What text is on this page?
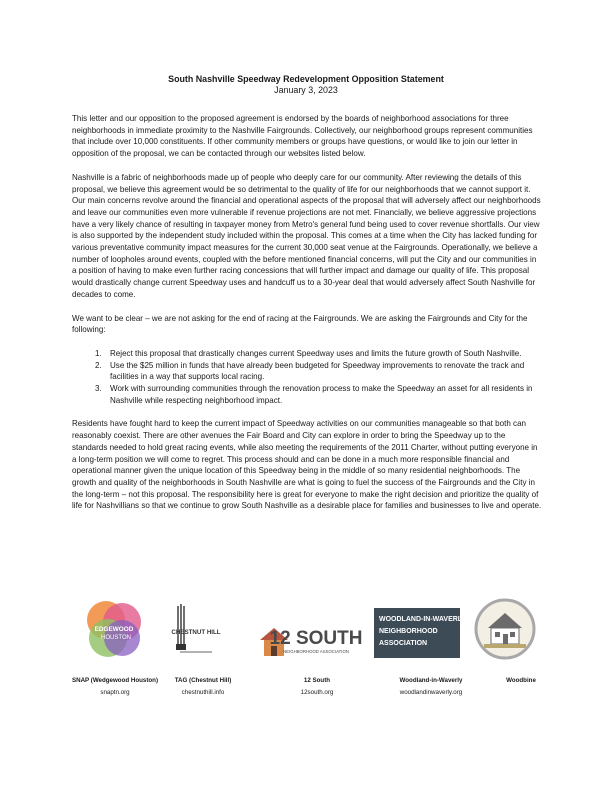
South Nashville Speedway Redevelopment Opposition Statement
January 3, 2023

This letter and our opposition to the proposed agreement is endorsed by the boards of neighborhood associations for three neighborhoods in immediate proximity to the Nashville Fairgrounds. Collectively, our neighborhood groups represent communities that include over 10,000 constituents. If other community members or groups have questions, or would like to join our letter in opposition of the proposal, we can be contacted through our websites listed below.

Nashville is a fabric of neighborhoods made up of people who deeply care for our community. After reviewing the details of this proposal, we believe this agreement would be so detrimental to the quality of life for our neighborhoods that we cannot support it. Our main concerns revolve around the financial and operational aspects of the proposal that will adversely affect our neighborhoods and leave our communities even more vulnerable if revenue projections are not met. Financially, we believe aggressive projections have a very likely chance of resulting in taxpayer money from Metro's general fund being used to cover revenue shortfalls. Our view is also supported by the independent study included within the proposal. This comes at a time when the City has lacked funding for various preventative community impact measures for the current 30,000 seat venue at the Fairgrounds. Operationally, we believe a number of loopholes around events, coupled with the before mentioned financial concerns, will put the City and our communities in a position of having to make even further racing concessions that will further impact and damage our quality of life. This proposal would drastically change current Speedway uses and handcuff us to a 30-year deal that would adversely affect South Nashville for decades to come.

We want to be clear – we are not asking for the end of racing at the Fairgrounds. We are asking the Fairgrounds and City for the following:

1. Reject this proposal that drastically changes current Speedway uses and limits the future growth of South Nashville.
2. Use the $25 million in funds that have already been budgeted for Speedway improvements to renovate the track and facilities in a way that supports local racing.
3. Work with surrounding communities through the renovation process to make the Speedway an asset for all residents in Nashville while respecting neighborhood impact.

Residents have fought hard to keep the current impact of Speedway activities on our communities manageable so that both can reasonably coexist. There are other avenues the Fair Board and City can explore in order to bring the Speedway up to the standards needed to hold great racing events, while also meeting the requirements of the 2011 Charter, without putting everyone in a long-term position we will come to regret. This process should and can be done in a much more responsible financial and operational manner given the unique location of this Speedway being in the middle of so many residential neighborhoods. The growth and quality of the neighborhoods in South Nashville are what is going to fuel the success of the Fairgrounds and the City in the long-term – not this proposal. The responsibility here is great for everyone to make the right decision and prioritize the quality of life for Nashvillians so that we continue to grow South Nashville as a desirable place for families and businesses to live and operate.

EDGEWOOD
HOUSTON
CHESTNUT HILL	12 SOUTH
NEIGHBORHOOD ASSOCIATION
WOODLAND-IN-WAVERLY
NEIGHBORHOOD
ASSOCIATION
SNAP (Wedgewood Houston)
snaptn.org
TAG (Chestnut Hill)
chestnuthill.info
12 South
12south.org
Woodland-in-Waverly
woodlandinwaverly.org
Woodbine
